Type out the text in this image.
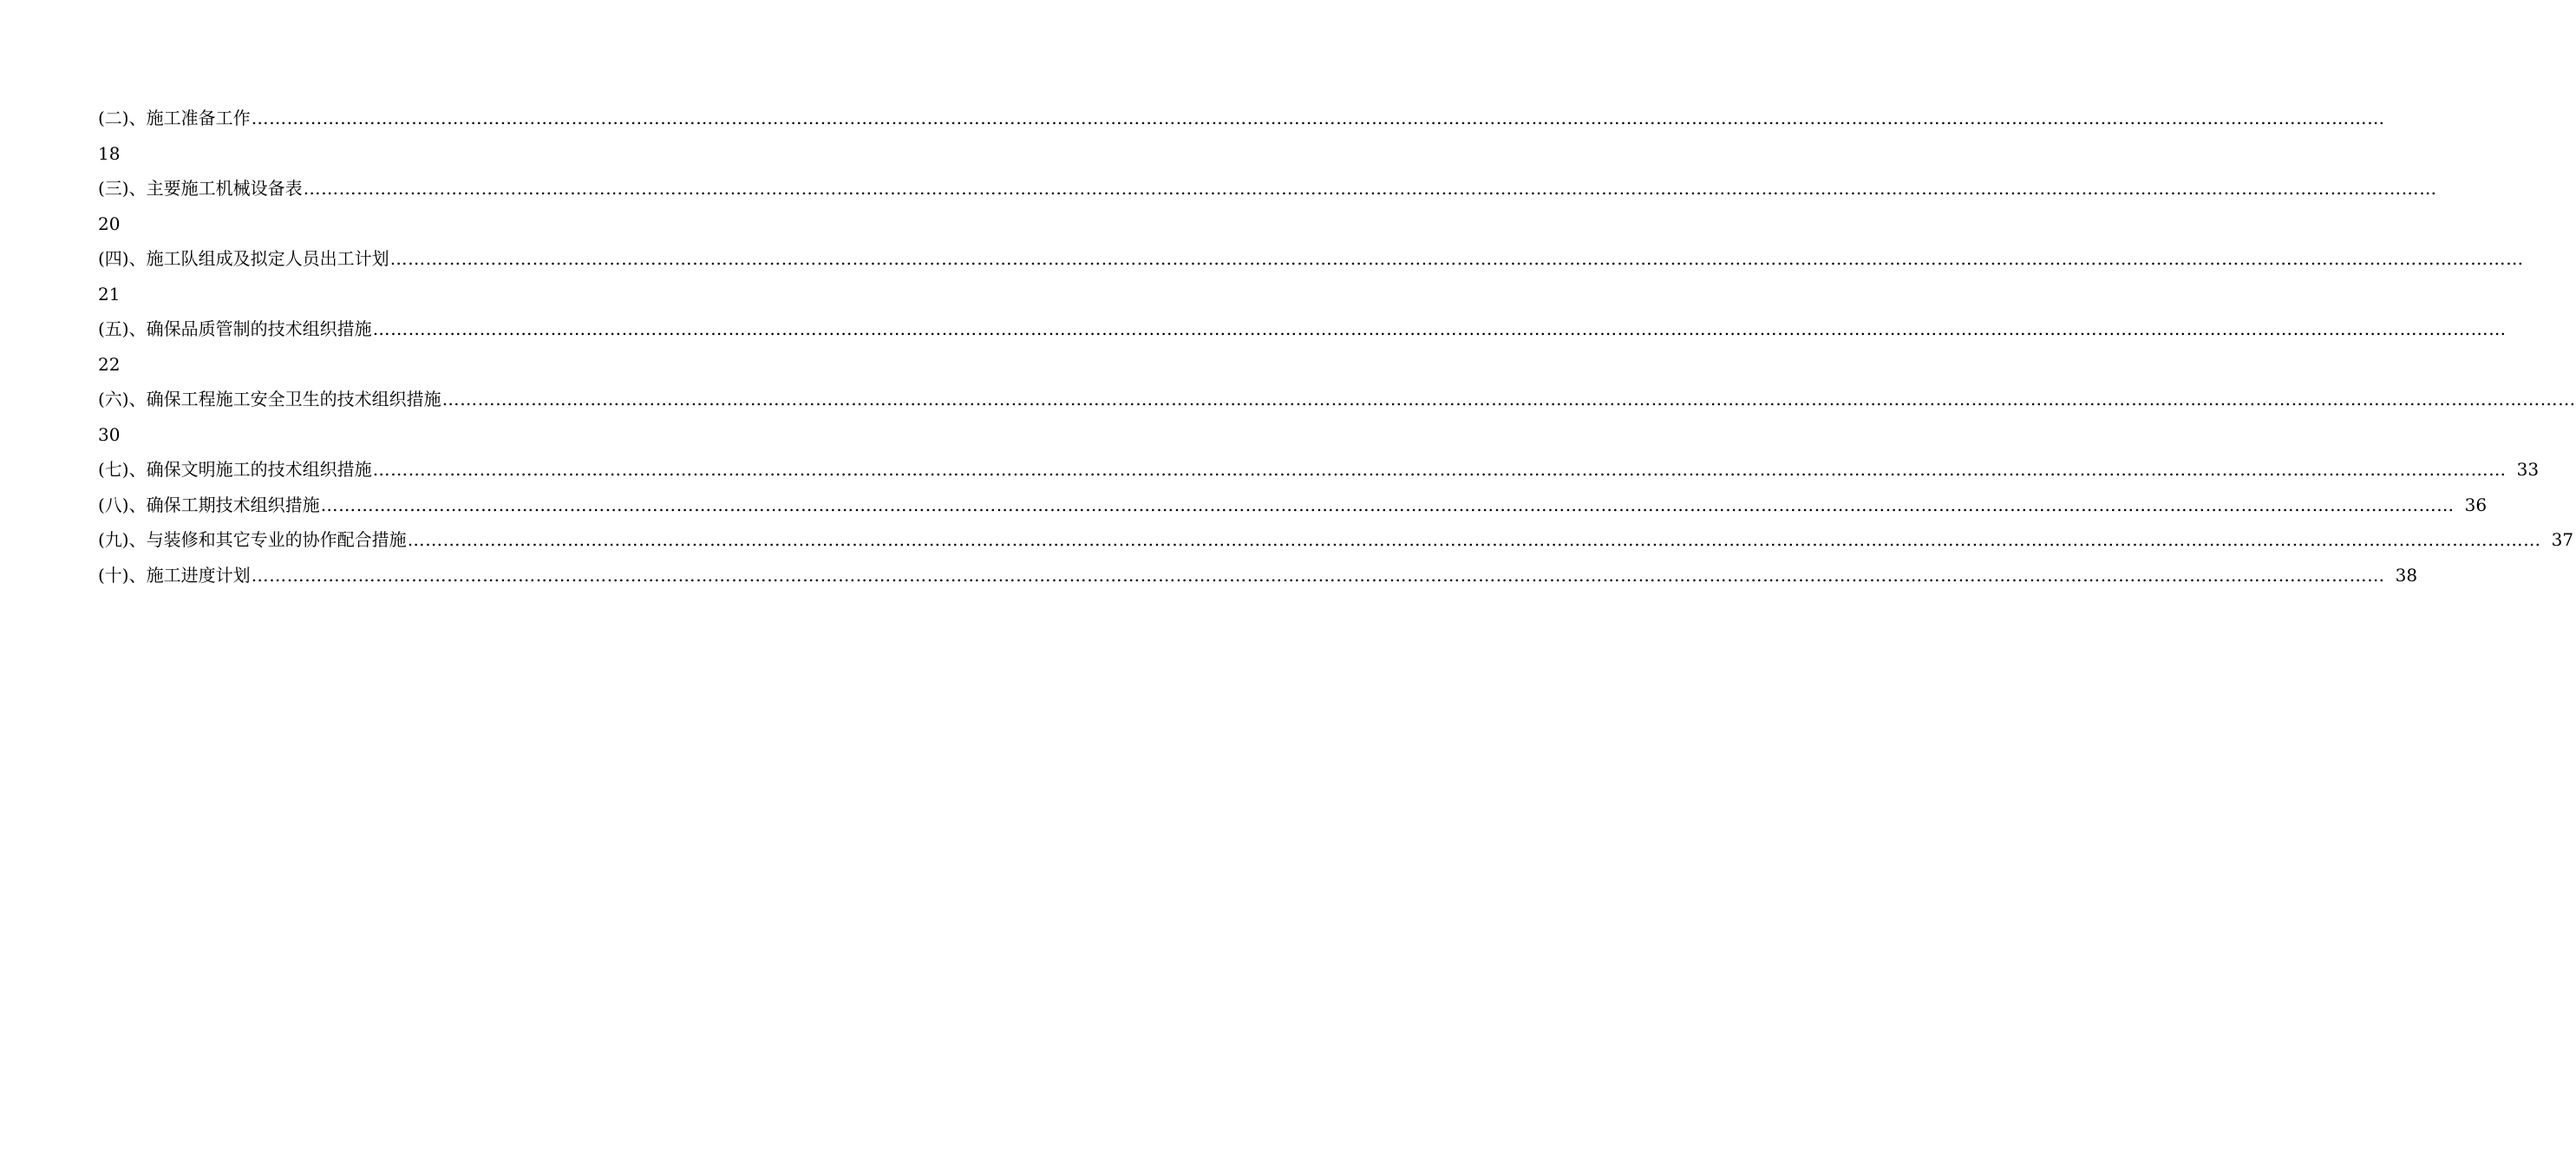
(二)、施工准备工作 ………………………………………………………………………………………………………………………………………………………………………………………………………………………………………………………………………………………………………………………………
18
(三)、主要施工机械设备表 ………………………………………………………………………………………………………………………………………………………………………………………………………………………………………………………………………………………………………………………………
20
(四)、施工队组成及拟定人员出工计划 ………………………………………………………………………………………………………………………………………………………………………………………………………………………………………………………………………………………………………………………………
21
(五)、确保品质管制的技术组织措施 ………………………………………………………………………………………………………………………………………………………………………………………………………………………………………………………………………………………………………………………………
22
(六)、确保工程施工安全卫生的技术组织措施 ………………………………………………………………………………………………………………………………………………………………………………………………………………………………………………………………………………………………………………………………
30
(七)、确保文明施工的技术组织措施 ……………………………………………………………………………………………………………………………………………………………………………………………………………………………………………………………………………………………………………………………… 33
(八)、确保工期技术组织措施 ……………………………………………………………………………………………………………………………………………………………………………………………………………………………………………………………………………………………………………………………… 36
(九)、与装修和其它专业的协作配合措施 ……………………………………………………………………………………………………………………………………………………………………………………………………………………………………………………………………………………………………………………………… 37
(十)、施工进度计划 ……………………………………………………………………………………………………………………………………………………………………………………………………………………………………………………………………………………………………………………………… 38
